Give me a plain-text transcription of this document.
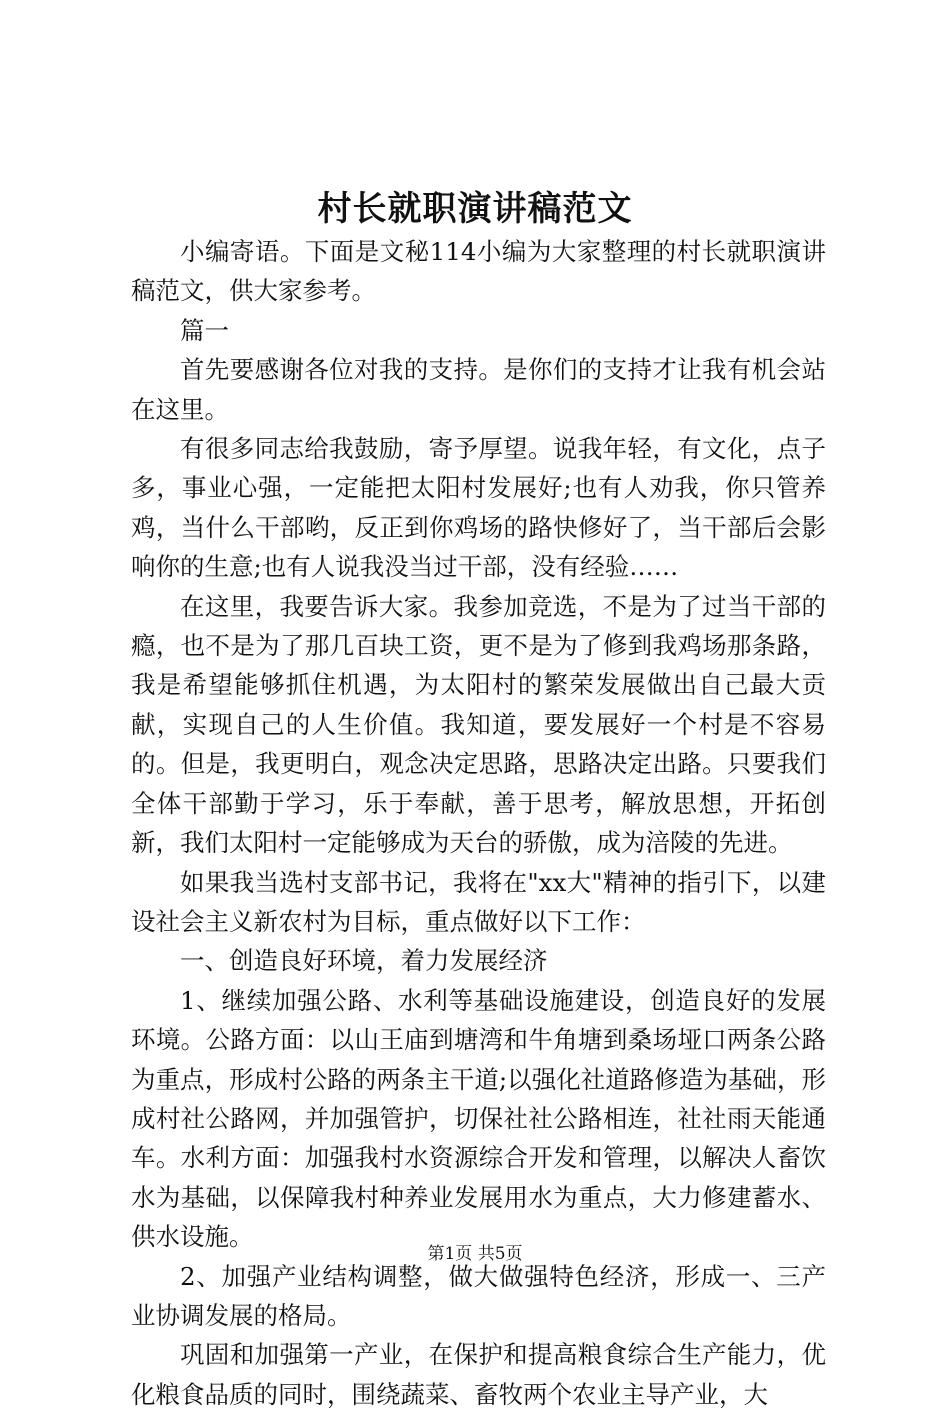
村长就职演讲稿范文

小编寄语。下面是文秘114小编为大家整理的村长就职演讲稿范文，供大家参考。

篇一

首先要感谢各位对我的支持。是你们的支持才让我有机会站在这里。

有很多同志给我鼓励，寄予厚望。说我年轻，有文化，点子多，事业心强，一定能把太阳村发展好;也有人劝我，你只管养鸡，当什么干部哟，反正到你鸡场的路快修好了，当干部后会影响你的生意;也有人说我没当过干部，没有经验……

在这里，我要告诉大家。我参加竞选，不是为了过当干部的瘾，也不是为了那几百块工资，更不是为了修到我鸡场那条路，我是希望能够抓住机遇，为太阳村的繁荣发展做出自己最大贡献，实现自己的人生价值。我知道，要发展好一个村是不容易的。但是，我更明白，观念决定思路，思路决定出路。只要我们全体干部勤于学习，乐于奉献，善于思考，解放思想，开拓创新，我们太阳村一定能够成为天台的骄傲，成为涪陵的先进。

如果我当选村支部书记，我将在"xx大"精神的指引下，以建设社会主义新农村为目标，重点做好以下工作：

一、创造良好环境，着力发展经济

1、继续加强公路、水利等基础设施建设，创造良好的发展环境。公路方面：以山王庙到塘湾和牛角塘到桑场垭口两条公路为重点，形成村公路的两条主干道;以强化社道路修造为基础，形成村社公路网，并加强管护，切保社社公路相连，社社雨天能通车。水利方面：加强我村水资源综合开发和管理，以解决人畜饮水为基础，以保障我村种养业发展用水为重点，大力修建蓄水、供水设施。

2、加强产业结构调整，做大做强特色经济，形成一、三产业协调发展的格局。

巩固和加强第一产业，在保护和提高粮食综合生产能力，优化粮食品质的同时，围绕蔬菜、畜牧两个农业主导产业，大

第1页 共5页
